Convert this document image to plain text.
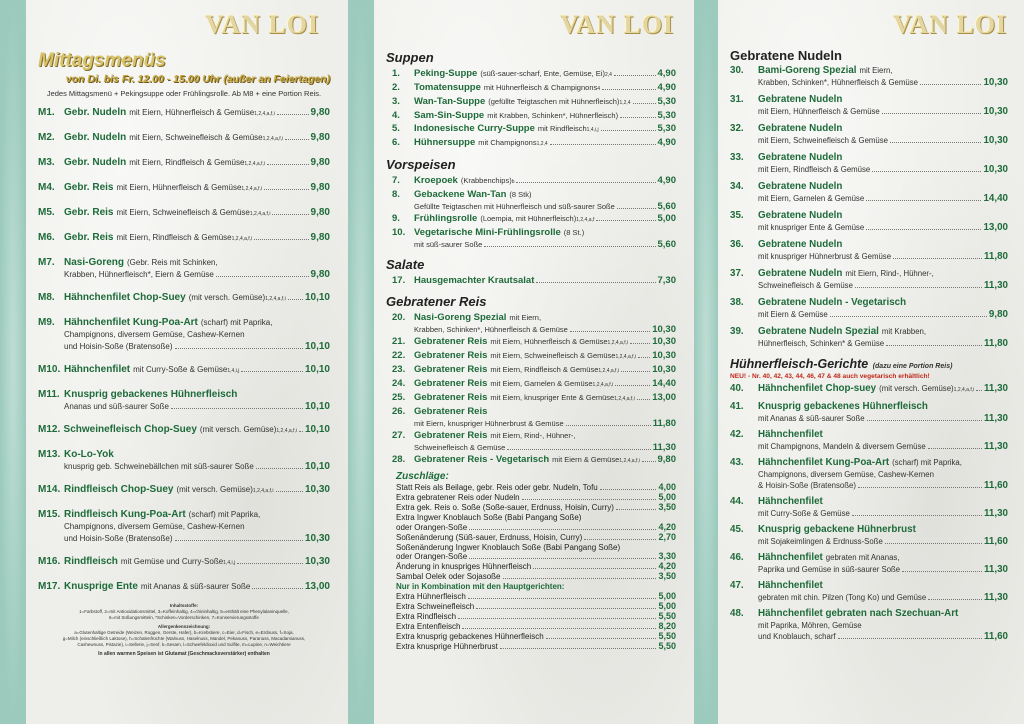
VAN LOI	VAN LOI	VAN LOI
Mittagsmenüs
von Di. bis Fr. 12.00 - 15.00 Uhr (außer an Feiertagen)
Jedes Mittagsmenü + Pekingsuppe oder Frühlingsrolle. Ab M8 + eine Portion Reis.
M1. Gebr. Nudeln mit Eiern, Hühnerfleisch & Gemüse 1,2,4,a,f,i	9,80
M2. Gebr. Nudeln mit Eiern, Schweinefleisch & Gemüse 1,2,4,a,f,i	9,80
M3. Gebr. Nudeln mit Eiern, Rindfleisch & Gemüse 1,2,4,a,f,i	9,80
M4. Gebr. Reis mit Eiern, Hühnerfleisch & Gemüse 1,2,4,a,f,i	9,80
M5. Gebr. Reis mit Eiern, Schweinefleisch & Gemüse 1,2,4,a,f,i	9,80
M6. Gebr. Reis mit Eiern, Rindfleisch & Gemüse 1,2,4,a,f,i	9,80
M7. Nasi-Goreng (Gebr. Reis mit Schinken,
Krabben, Hühnerfleisch*, Eiern & Gemüse	9,80
M8. Hähnchenfilet Chop-Suey (mit versch. Gemüse) 1,2,4,a,f,i 10,10
M9. Hähnchenfilet Kung-Poa-Art (scharf) mit Paprika,
Champignons, diversem Gemüse, Cashew-Kernen
und Hoisin-Soße (Bratensoße)	10,10
M10. Hähnchenfilet mit Curry-Soße & Gemüse 1,4,i,j	10,10
M11. Knusprig gebackenes Hühnerfleisch
Ananas und süß-saurer Soße	10,10
M12. Schweinefleisch Chop-Suey (mit versch. Gemüse) 1,2,4,a,f,i 10,10
M13. Ko-Lo-Yok
knusprig geb. Schweinebällchen mit süß-saurer Soße	10,10
M14. Rindfleisch Chop-Suey (mit versch. Gemüse) 1,2,4,a,f,i	10,30
M15. Rindfleisch Kung-Poa-Art (scharf) mit Paprika,
Champignons, diversem Gemüse, Cashew-Kernen
und Hoisin-Soße (Bratensoße)	10,30
M16. Rindfleisch mit Gemüse und Curry-Soße 1,4,i,j	10,30
M17. Knusprige Ente mit Ananas & süß-saurer Soße	13,00
Inhaltsstoffe:
1=Farbstoff, 2=mit Antioxidationsmittel, 3=Koffeinhaltig, 4=chininhaltig, 5=enthält eine Phenylalaninquelle,
6=mit Süßungsmitteln, *Schinken=Vorderschinken, 7=Konservierungsstoffe
Allergenkennzeichnung:
a=Glutenhaltige Getreide (Weizen, Roggen, Gerste, Hafer), b=Krebstiere, c=Eier, d=Fisch, e=Erdnuss, f=Soja,
g=Milch (einschließlich Laktose), h=Schalenfrüchte (Walnuss, Haselnuss, Mandel, Pekanuss, Paranuss, Macadamianuss,
Cashewnuss, Pistazie), i=Sellerie, j=Senf, k=Sesam, l=Schwefeldioxid und Sulfite, m=Lupine, n=Weichtiere
In allen warmen Speisen ist Glutamat (Geschmacksverstärker) enthalten
Suppen
1.	Peking-Suppe (süß-sauer-scharf, Ente, Gemüse, Ei) 2,4	4,90
2.	Tomatensuppe mit Hühnerfleisch & Champignons 4	4,90
3.	Wan-Tan-Suppe (gefüllte Teigtaschen mit Hühnerfleisch) 1,2,4	5,30
4.	Sam-Sin-Suppe mit Krabben, Schinken*, Hühnerfleisch)	5,30
5.	Indonesische Curry-Suppe mit Rindfleisch 1,4,i,j	5,30
6.	Hühnersuppe mit Champignons 1,2,4	4,90
Vorspeisen
7.	Kroepoek (Krabbenchips) b	4,90
8.	Gebackene Wan-Tan (8 Stk)
Gefüllte Teigtaschen mit Hühnerfleisch und süß-saurer Soße	5,60
9.	Frühlingsrolle (Loempia, mit Hühnerfleisch) 1,2,4,a,f	5,00
10. Vegetarische Mini-Frühlingsrolle (8 St.)
mit süß-saurer Soße	5,60
Salate
17. Hausgemachter Krautsalat	7,30
Gebratener Reis
20. Nasi-Goreng Spezial mit Eiern,
Krabben, Schinken*, Hühnerfleisch & Gemüse	10,30
21. Gebratener Reis mit Eiern, Hühnerfleisch & Gemüse 1,2,4,a,f,i	10,30
22. Gebratener Reis mit Eiern, Schweinefleisch & Gemüse 1,2,4,a,f,i 10,30
23. Gebratener Reis mit Eiern, Rindfleisch & Gemüse 1,2,4,a,f,i	10,30
24. Gebratener Reis mit Eiern, Garnelen & Gemüse 1,2,4,a,f,i	14,40
25. Gebratener Reis mit Eiern, knuspriger Ente & Gemüse 1,2,4,a,f,i 13,00
26. Gebratener Reis
mit Eiern, knuspriger Hühnerbrust & Gemüse	11,80
27. Gebratener Reis mit Eiern, Rind-, Hühner-,
Schweinefleisch & Gemüse	11,30
28. Gebratener Reis - Vegetarisch mit Eiern & Gemüse 1,2,4,a,f,i 9,80
Zuschläge:
Statt Reis als Beilage, gebr. Reis oder gebr. Nudeln, Tofu	4,00
Extra gebratener Reis oder Nudeln	5,00
Extra gek. Reis o. Soße (Soße-sauer, Erdnuss, Hoisin, Curry)	3,50
Extra Ingwer Knoblauch Soße (Babi Pangang Soße)
oder Orangen-Soße	4,20
Soßenänderung (Süß-sauer, Erdnuss, Hoisin, Curry)	2,70
Soßenänderung Ingwer Knoblauch Soße (Babi Pangang Soße)
oder Orangen-Soße	3,30
Änderung in knuspriges Hühnerfleisch	4,20
Sambal Oelek oder Sojasoße	3,50
Nur in Kombination mit den Hauptgerichten:
Extra Hühnerfleisch	5,00
Extra Schweinefleisch	5,00
Extra Rindfleisch	5,50
Extra Entenfleisch	8,20
Extra knusprig gebackenes Hühnerfleisch	5,50
Extra knusprige Hühnerbrust	5,50
Gebratene Nudeln
30.	Bami-Goreng Spezial mit Eiern,
Krabben, Schinken*, Hühnerfleisch & Gemüse	10,30
31.	Gebratene Nudeln
mit Eiern, Hühnerfleisch & Gemüse	10,30
32.	Gebratene Nudeln
mit Eiern, Schweinefleisch & Gemüse	10,30
33.	Gebratene Nudeln
mit Eiern, Rindfleisch & Gemüse	10,30
34.	Gebratene Nudeln
mit Eiern, Garnelen & Gemüse	14,40
35.	Gebratene Nudeln
mit knuspriger Ente & Gemüse	13,00
36.	Gebratene Nudeln
mit knuspriger Hühnerbrust & Gemüse	11,80
37.	Gebratene Nudeln mit Eiern, Rind-, Hühner-,
Schweinefleisch & Gemüse	11,30
38.	Gebratene Nudeln - Vegetarisch
mit Eiern & Gemüse	9,80
39.	Gebratene Nudeln Spezial mit Krabben,
Hühnerfleisch, Schinken* & Gemüse	11,80
Hühnerfleisch-Gerichte (dazu eine Portion Reis)
NEU! - Nr. 40, 42, 43, 44, 46, 47 & 48 auch vegetarisch erhältlich!
40.	Hähnchenfilet Chop-suey (mit versch. Gemüse) 1,2,4,a,f,i 11,30
41.	Knusprig gebackenes Hühnerfleisch
mit Ananas & süß-saurer Soße	11,30
42.	Hähnchenfilet
mit Champignons, Mandeln & diversem Gemüse	11,30
43.	Hähnchenfilet Kung-Poa-Art (scharf) mit Paprika,
Champignons, diversem Gemüse, Cashew-Kernen
& Hoisin-Soße (Bratensoße)	11,60
44.	Hähnchenfilet
mit Curry-Soße & Gemüse	11,30
45.	Knusprig gebackene Hühnerbrust
mit Sojakeimlingen & Erdnuss-Soße	11,60
46.	Hähnchenfilet gebraten mit Ananas,
Paprika und Gemüse in süß-saurer Soße	11,30
47.	Hähnchenfilet
gebraten mit chin. Pilzen (Tong Ko) und Gemüse	11,30
48.	Hähnchenfilet gebraten nach Szechuan-Art
mit Paprika, Möhren, Gemüse
und Knoblauch, scharf	11,60
